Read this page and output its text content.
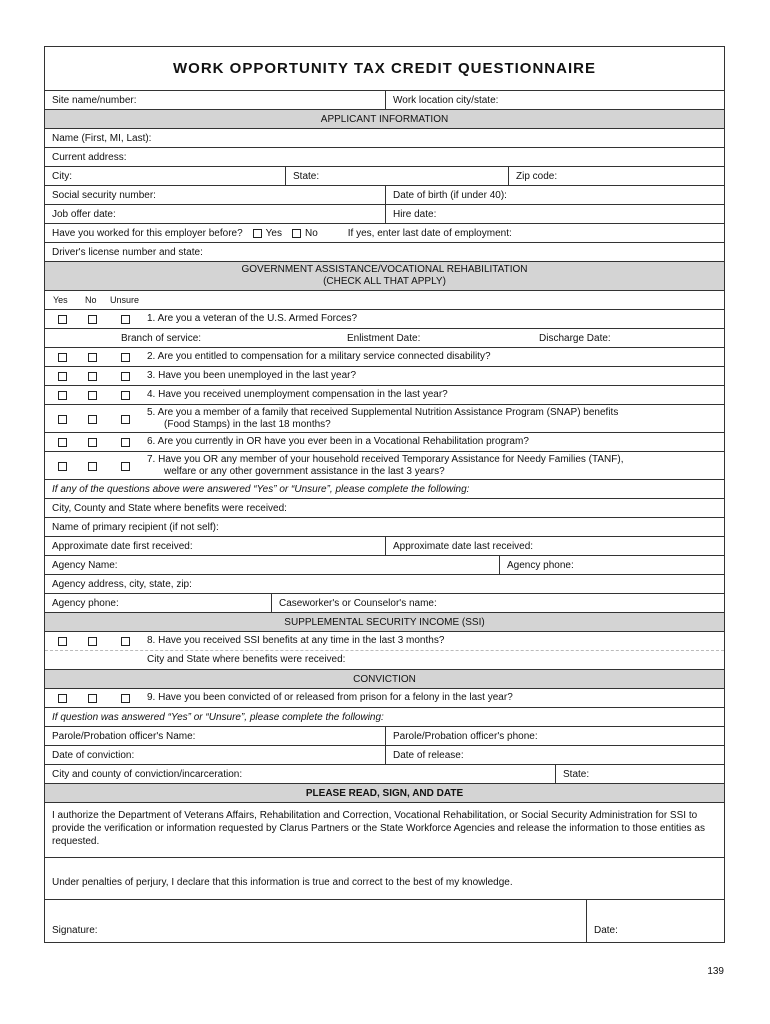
WORK OPPORTUNITY TAX CREDIT QUESTIONNAIRE
Site name/number:	Work location city/state:
APPLICANT INFORMATION
Name (First, MI, Last):
Current address:
City:	State:	Zip code:
Social security number:	Date of birth (if under 40):
Job offer date:	Hire date:
Have you worked for this employer before? Yes No	If yes, enter last date of employment:
Driver's license number and state:
GOVERNMENT ASSISTANCE/VOCATIONAL REHABILITATION
(CHECK ALL THAT APPLY)
Yes No Unsure
1. Are you a veteran of the U.S. Armed Forces?
Branch of service:	Enlistment Date:	Discharge Date:
2. Are you entitled to compensation for a military service connected disability?
3. Have you been unemployed in the last year?
4. Have you received unemployment compensation in the last year?
5. Are you a member of a family that received Supplemental Nutrition Assistance Program (SNAP) benefits
(Food Stamps) in the last 18 months?
6. Are you currently in OR have you ever been in a Vocational Rehabilitation program?
7. Have you OR any member of your household received Temporary Assistance for Needy Families (TANF),
welfare or any other government assistance in the last 3 years?
If any of the questions above were answered “Yes” or “Unsure”, please complete the following:
City, County and State where benefits were received:
Name of primary recipient (if not self):
Approximate date first received:	Approximate date last received:
Agency Name:	Agency phone:
Agency address, city, state, zip:
Agency phone:	Caseworker's or Counselor's name:
SUPPLEMENTAL SECURITY INCOME (SSI)
8. Have you received SSI benefits at any time in the last 3 months?
City and State where benefits were received:
CONVICTION
9. Have you been convicted of or released from prison for a felony in the last year?
If question was answered “Yes” or “Unsure”, please complete the following:
Parole/Probation officer's Name:	Parole/Probation officer's phone:
Date of conviction:	Date of release:
City and county of conviction/incarceration:	State:
PLEASE READ, SIGN, AND DATE
I authorize the Department of Veterans Affairs, Rehabilitation and Correction, Vocational Rehabilitation, or Social Security Administration for SSI to provide the verification or information requested by Clarus Partners or the State Workforce Agencies and release the information to those entities as requested.
Under penalties of perjury, I declare that this information is true and correct to the best of my knowledge.
Signature:	Date:
139
